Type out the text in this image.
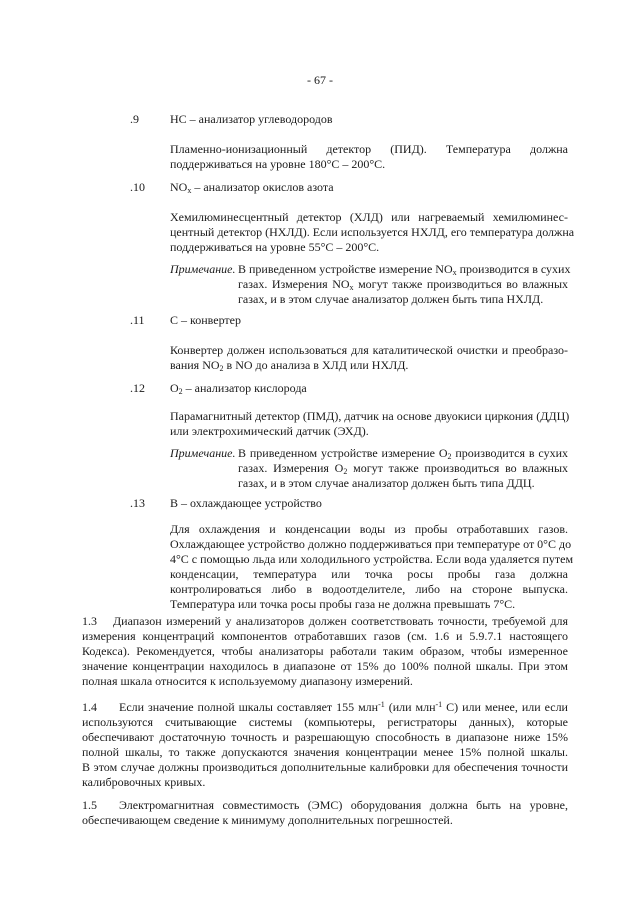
- 67 -
.9	HC – анализатор углеводородов
Пламенно-ионизационный детектор (ПИД). Температура должна
поддерживаться на уровне 180°C – 200°C.
.10 $NO_x$ – анализатор окислов азота
Хемилюминесцентный детектор (ХЛД) или нагреваемый хемилюминес-
центный детектор (НХЛД). Если используется НХЛД, его температура должна
поддерживаться на уровне 55°C – 200°C.
Примечание. В приведенном устройстве измерение $NO_x$ производится в сухих
газах. Измерения $NO_x$ могут также производиться во влажных
газах, и в этом случае анализатор должен быть типа НХЛД.
.11 C – конвертер
Конвертер должен использоваться для каталитической очистки и преобразо-
вания $NO_2$ в NO до анализа в ХЛД или НХЛД.
.12 $O_2$ – анализатор кислорода
Парамагнитный детектор (ПМД), датчик на основе двуокиси циркония (ДДЦ)
или электрохимический датчик (ЭХД).
Примечание. В приведенном устройстве измерение $O_2$ производится в сухих
газах. Измерения $O_2$ могут также производиться во влажных
газах, и в этом случае анализатор должен быть типа ДДЦ.
.13 B – охлаждающее устройство
Для охлаждения и конденсации воды из пробы отработавших газов.
Охлаждающее устройство должно поддерживаться при температуре от 0°C до
4°C с помощью льда или холодильного устройства. Если вода удаляется путем
конденсации, температура или точка росы пробы газа должна
контролироваться либо в водоотделителе, либо на стороне выпуска.
Температура или точка росы пробы газа не должна превышать 7°C.
1.3 Диапазон измерений у анализаторов должен соответствовать точности, требуемой для
измерения концентраций компонентов отработавших газов (см. 1.6 и 5.9.7.1 настоящего
Кодекса). Рекомендуется, чтобы анализаторы работали таким образом, чтобы измеренное
значение концентрации находилось в диапазоне от 15% до 100% полной шкалы. При этом
полная шкала относится к используемому диапазону измерений.
1.4 Если значение полной шкалы составляет 155 млн$^{-1}$ (или млн$^{-1}$ C) или менее, или если
используются считывающие системы (компьютеры, регистраторы данных), которые
обеспечивают достаточную точность и разрешающую способность в диапазоне ниже 15%
полной шкалы, то также допускаются значения концентрации менее 15% полной шкалы.
В этом случае должны производиться дополнительные калибровки для обеспечения точности
калибровочных кривых.
1.5 Электромагнитная совместимость (ЭМС) оборудования должна быть на уровне,
обеспечивающем сведение к минимуму дополнительных погрешностей.
